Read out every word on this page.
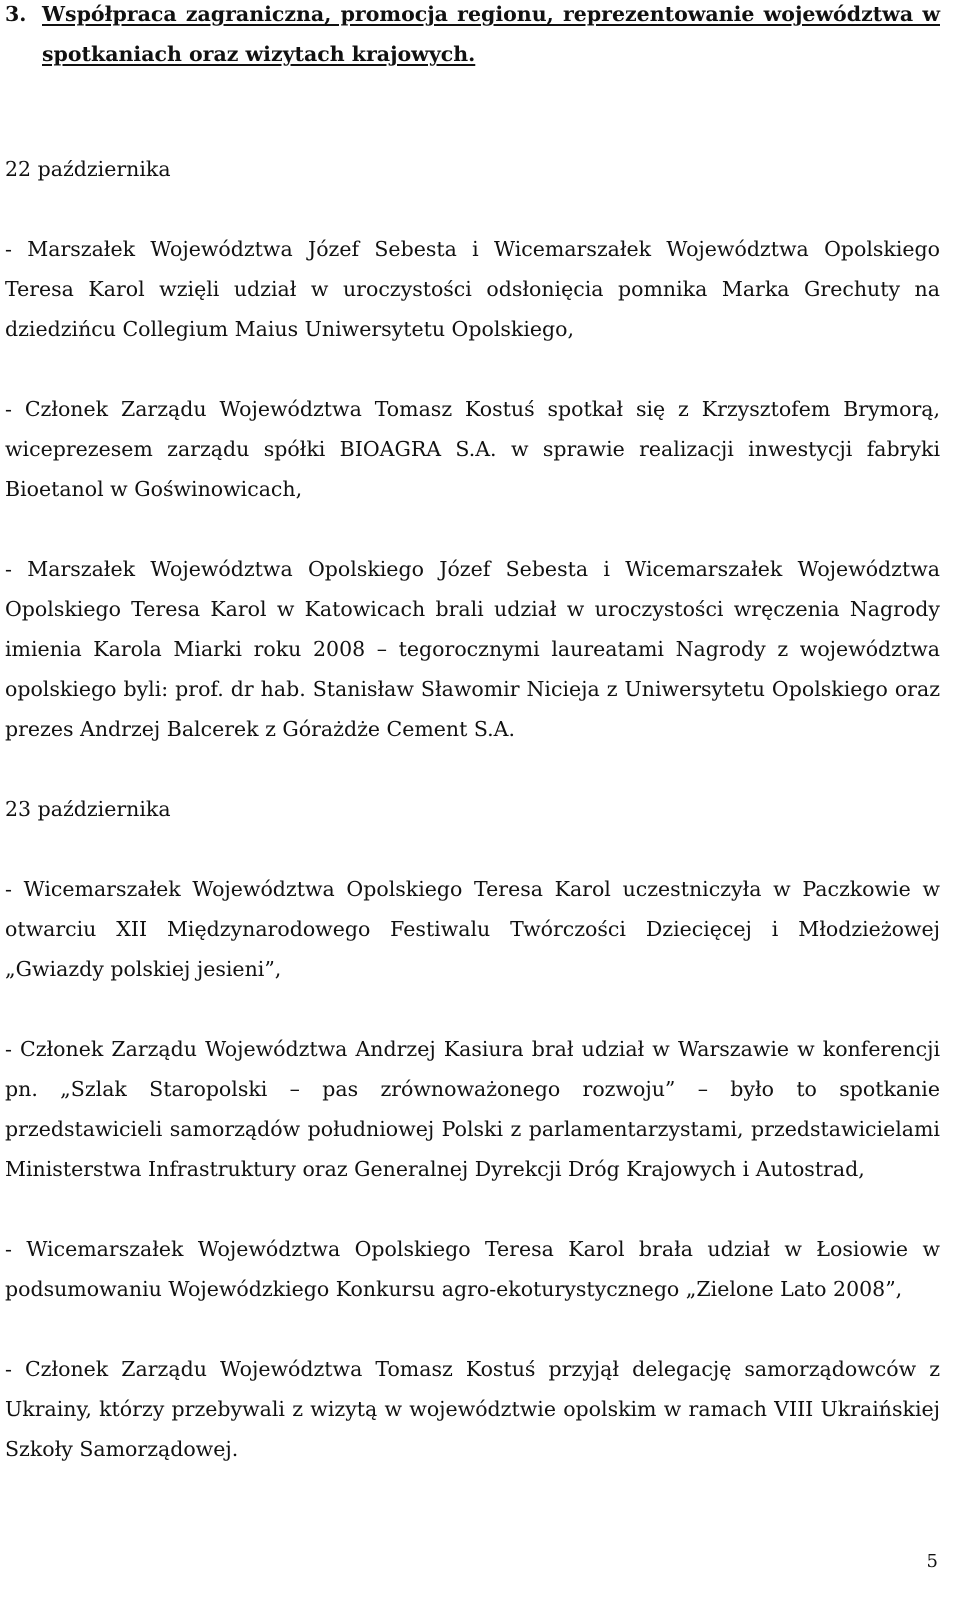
3. Współpraca zagraniczna, promocja regionu, reprezentowanie województwa w spotkaniach oraz wizytach krajowych.

22 października

- Marszałek Województwa Józef Sebesta i Wicemarszałek Województwa Opolskiego Teresa Karol wzięli udział w uroczystości odsłonięcia pomnika Marka Grechuty na dziedzińcu Collegium Maius Uniwersytetu Opolskiego,

- Członek Zarządu Województwa Tomasz Kostuś spotkał się z Krzysztofem Brymorą, wiceprezesem zarządu spółki BIOAGRA S.A. w sprawie realizacji inwestycji fabryki Bioetanol w Goświnowicach,

- Marszałek Województwa Opolskiego Józef Sebesta i Wicemarszałek Województwa Opolskiego Teresa Karol w Katowicach brali udział w uroczystości wręczenia Nagrody imienia Karola Miarki roku 2008 – tegorocznymi laureatami Nagrody z województwa opolskiego byli: prof. dr hab. Stanisław Sławomir Nicieja z Uniwersytetu Opolskiego oraz prezes Andrzej Balcerek z Górażdże Cement S.A.

23 października

- Wicemarszałek Województwa Opolskiego Teresa Karol uczestniczyła w Paczkowie w otwarciu XII Międzynarodowego Festiwalu Twórczości Dziecięcej i Młodzieżowej „Gwiazdy polskiej jesieni”,

- Członek Zarządu Województwa Andrzej Kasiura brał udział w Warszawie w konferencji pn. „Szlak Staropolski – pas zrównoważonego rozwoju” – było to spotkanie przedstawicieli samorządów południowej Polski z parlamentarzystami, przedstawicielami Ministerstwa Infrastruktury oraz Generalnej Dyrekcji Dróg Krajowych i Autostrad,

- Wicemarszałek Województwa Opolskiego Teresa Karol brała udział w Łosiowie w podsumowaniu Wojewódzkiego Konkursu agro-ekoturystycznego „Zielone Lato 2008”,

- Członek Zarządu Województwa Tomasz Kostuś przyjął delegację samorządowców z Ukrainy, którzy przebywali z wizytą w województwie opolskim w ramach VIII Ukraińskiej Szkoły Samorządowej.

5
